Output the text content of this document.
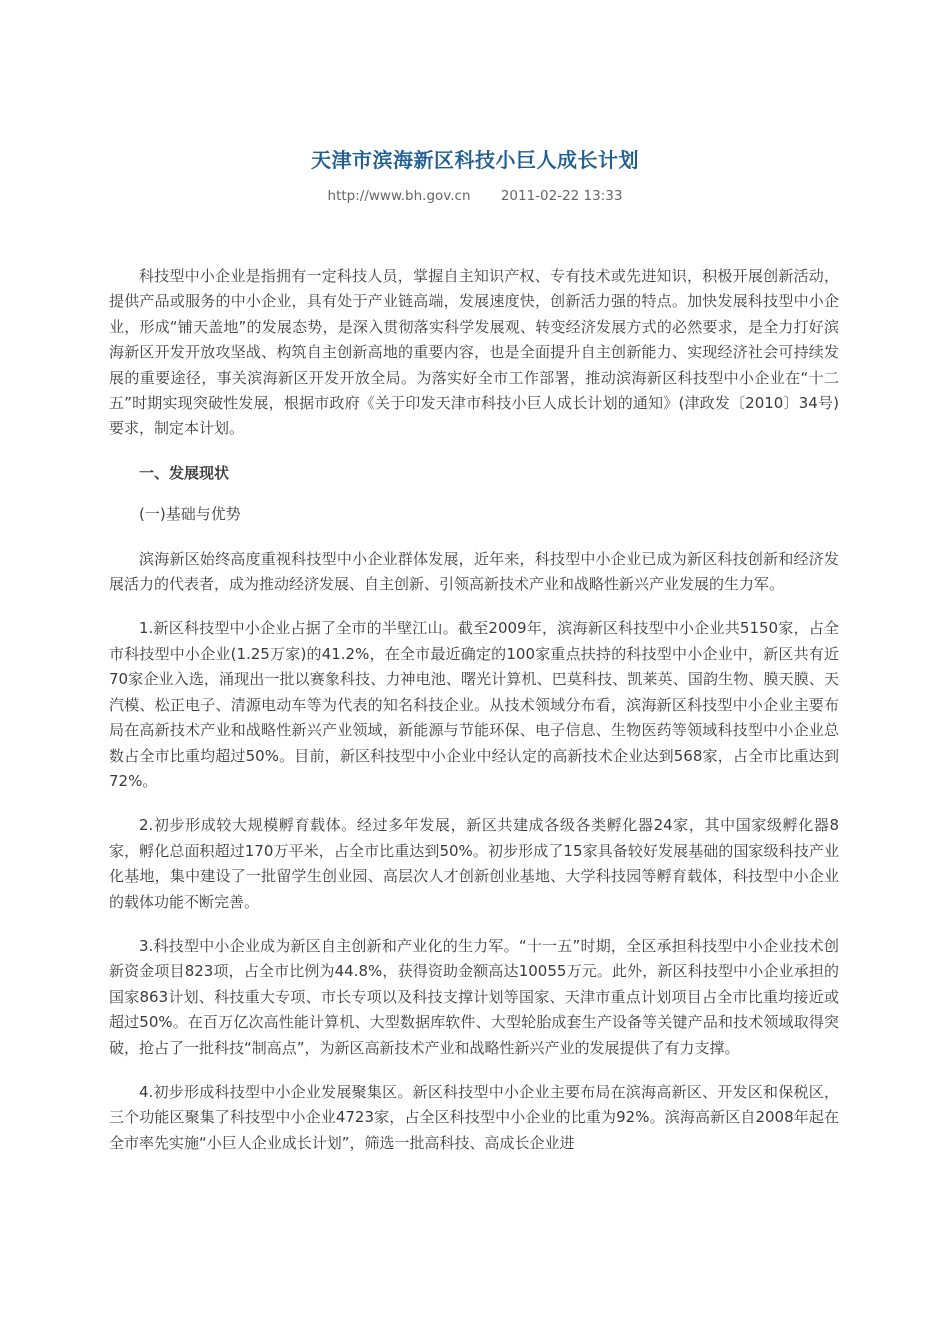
天津市滨海新区科技小巨人成长计划
http://www.bh.gov.cn 2011-02-22 13:33

科技型中小企业是指拥有一定科技人员，掌握自主知识产权、专有技术或先进知识，积极开展创新活动，提供产品或服务的中小企业，具有处于产业链高端，发展速度快，创新活力强的特点。加快发展科技型中小企业，形成“铺天盖地”的发展态势，是深入贯彻落实科学发展观、转变经济发展方式的必然要求，是全力打好滨海新区开发开放攻坚战、构筑自主创新高地的重要内容，也是全面提升自主创新能力、实现经济社会可持续发展的重要途径，事关滨海新区开发开放全局。为落实好全市工作部署，推动滨海新区科技型中小企业在“十二五”时期实现突破性发展，根据市政府《关于印发天津市科技小巨人成长计划的通知》(津政发〔2010〕34号)要求，制定本计划。

一、发展现状

(一)基础与优势

滨海新区始终高度重视科技型中小企业群体发展，近年来，科技型中小企业已成为新区科技创新和经济发展活力的代表者，成为推动经济发展、自主创新、引领高新技术产业和战略性新兴产业发展的生力军。

1.新区科技型中小企业占据了全市的半壁江山。截至2009年，滨海新区科技型中小企业共5150家，占全市科技型中小企业(1.25万家)的41.2%，在全市最近确定的100家重点扶持的科技型中小企业中，新区共有近70家企业入选，涌现出一批以赛象科技、力神电池、曙光计算机、巴莫科技、凯莱英、国韵生物、膜天膜、天汽模、松正电子、清源电动车等为代表的知名科技企业。从技术领域分布看，滨海新区科技型中小企业主要布局在高新技术产业和战略性新兴产业领域，新能源与节能环保、电子信息、生物医药等领域科技型中小企业总数占全市比重均超过50%。目前，新区科技型中小企业中经认定的高新技术企业达到568家，占全市比重达到72%。

2.初步形成较大规模孵育载体。经过多年发展，新区共建成各级各类孵化器24家，其中国家级孵化器8家，孵化总面积超过170万平米，占全市比重达到50%。初步形成了15家具备较好发展基础的国家级科技产业化基地，集中建设了一批留学生创业园、高层次人才创新创业基地、大学科技园等孵育载体，科技型中小企业的载体功能不断完善。

3.科技型中小企业成为新区自主创新和产业化的生力军。“十一五”时期，全区承担科技型中小企业技术创新资金项目823项，占全市比例为44.8%，获得资助金额高达10055万元。此外，新区科技型中小企业承担的国家863计划、科技重大专项、市长专项以及科技支撑计划等国家、天津市重点计划项目占全市比重均接近或超过50%。在百万亿次高性能计算机、大型数据库软件、大型轮胎成套生产设备等关键产品和技术领域取得突破，抢占了一批科技“制高点”，为新区高新技术产业和战略性新兴产业的发展提供了有力支撑。

4.初步形成科技型中小企业发展聚集区。新区科技型中小企业主要布局在滨海高新区、开发区和保税区，三个功能区聚集了科技型中小企业4723家，占全区科技型中小企业的比重为92%。滨海高新区自2008年起在全市率先实施“小巨人企业成长计划”，筛选一批高科技、高成长企业进
